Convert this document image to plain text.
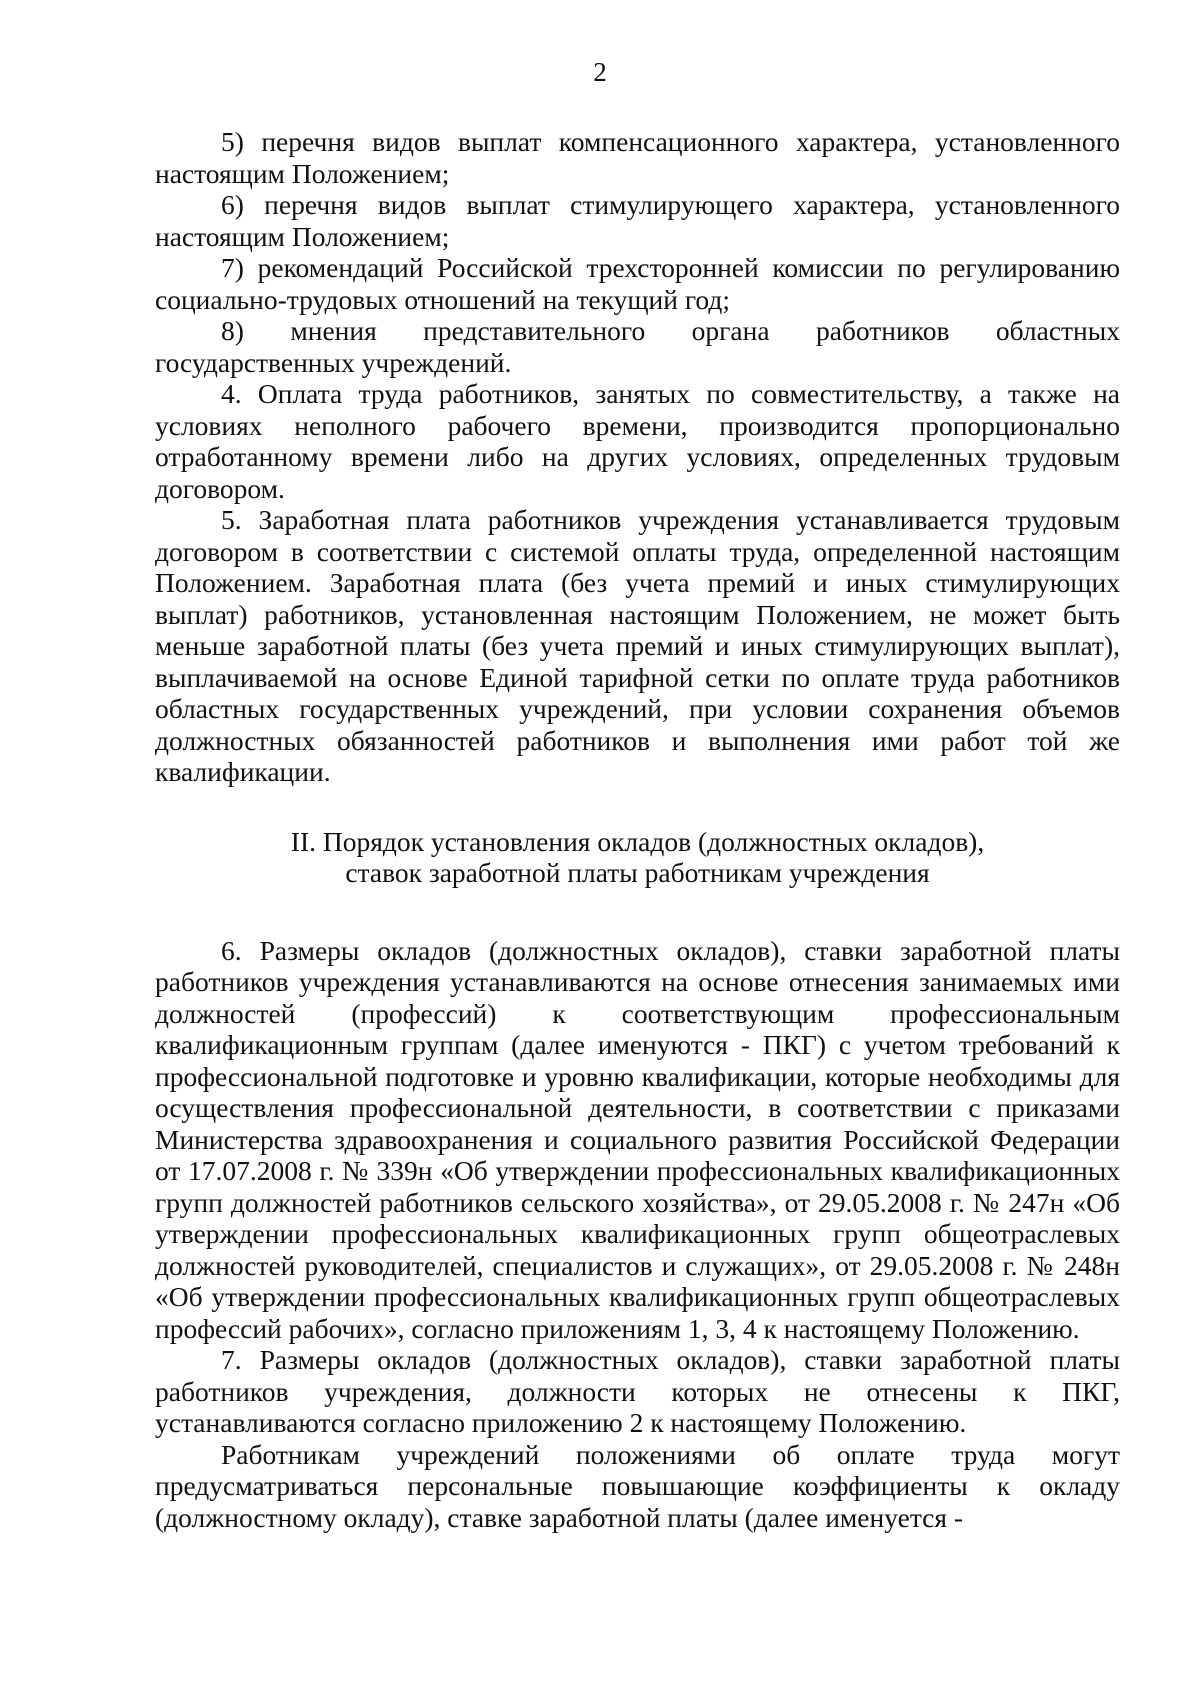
2

5) перечня видов выплат компенсационного характера, установленного настоящим Положением;

6) перечня видов выплат стимулирующего характера, установленного настоящим Положением;

7) рекомендаций Российской трехсторонней комиссии по регулированию социально-трудовых отношений на текущий год;

8) мнения представительного органа работников областных государственных учреждений.

4. Оплата труда работников, занятых по совместительству, а также на условиях неполного рабочего времени, производится пропорционально отработанному времени либо на других условиях, определенных трудовым договором.

5. Заработная плата работников учреждения устанавливается трудовым договором в соответствии с системой оплаты труда, определенной настоящим Положением. Заработная плата (без учета премий и иных стимулирующих выплат) работников, установленная настоящим Положением, не может быть меньше заработной платы (без учета премий и иных стимулирующих выплат), выплачиваемой на основе Единой тарифной сетки по оплате труда работников областных государственных учреждений, при условии сохранения объемов должностных обязанностей работников и выполнения ими работ той же квалификации.

II. Порядок установления окладов (должностных окладов),
ставок заработной платы работникам учреждения

6. Размеры окладов (должностных окладов), ставки заработной платы работников учреждения устанавливаются на основе отнесения занимаемых ими должностей (профессий) к соответствующим профессиональным квалификационным группам (далее именуются - ПКГ) с учетом требований к профессиональной подготовке и уровню квалификации, которые необходимы для осуществления профессиональной деятельности, в соответствии с приказами Министерства здравоохранения и социального развития Российской Федерации от 17.07.2008 г. № 339н «Об утверждении профессиональных квалификационных групп должностей работников сельского хозяйства», от 29.05.2008 г. № 247н «Об утверждении профессиональных квалификационных групп общеотраслевых должностей руководителей, специалистов и служащих», от 29.05.2008 г. № 248н «Об утверждении профессиональных квалификационных групп общеотраслевых профессий рабочих», согласно приложениям 1, 3, 4 к настоящему Положению.

7. Размеры окладов (должностных окладов), ставки заработной платы работников учреждения, должности которых не отнесены к ПКГ, устанавливаются согласно приложению 2 к настоящему Положению.

Работникам учреждений положениями об оплате труда могут предусматриваться персональные повышающие коэффициенты к окладу (должностному окладу), ставке заработной платы (далее именуется -
